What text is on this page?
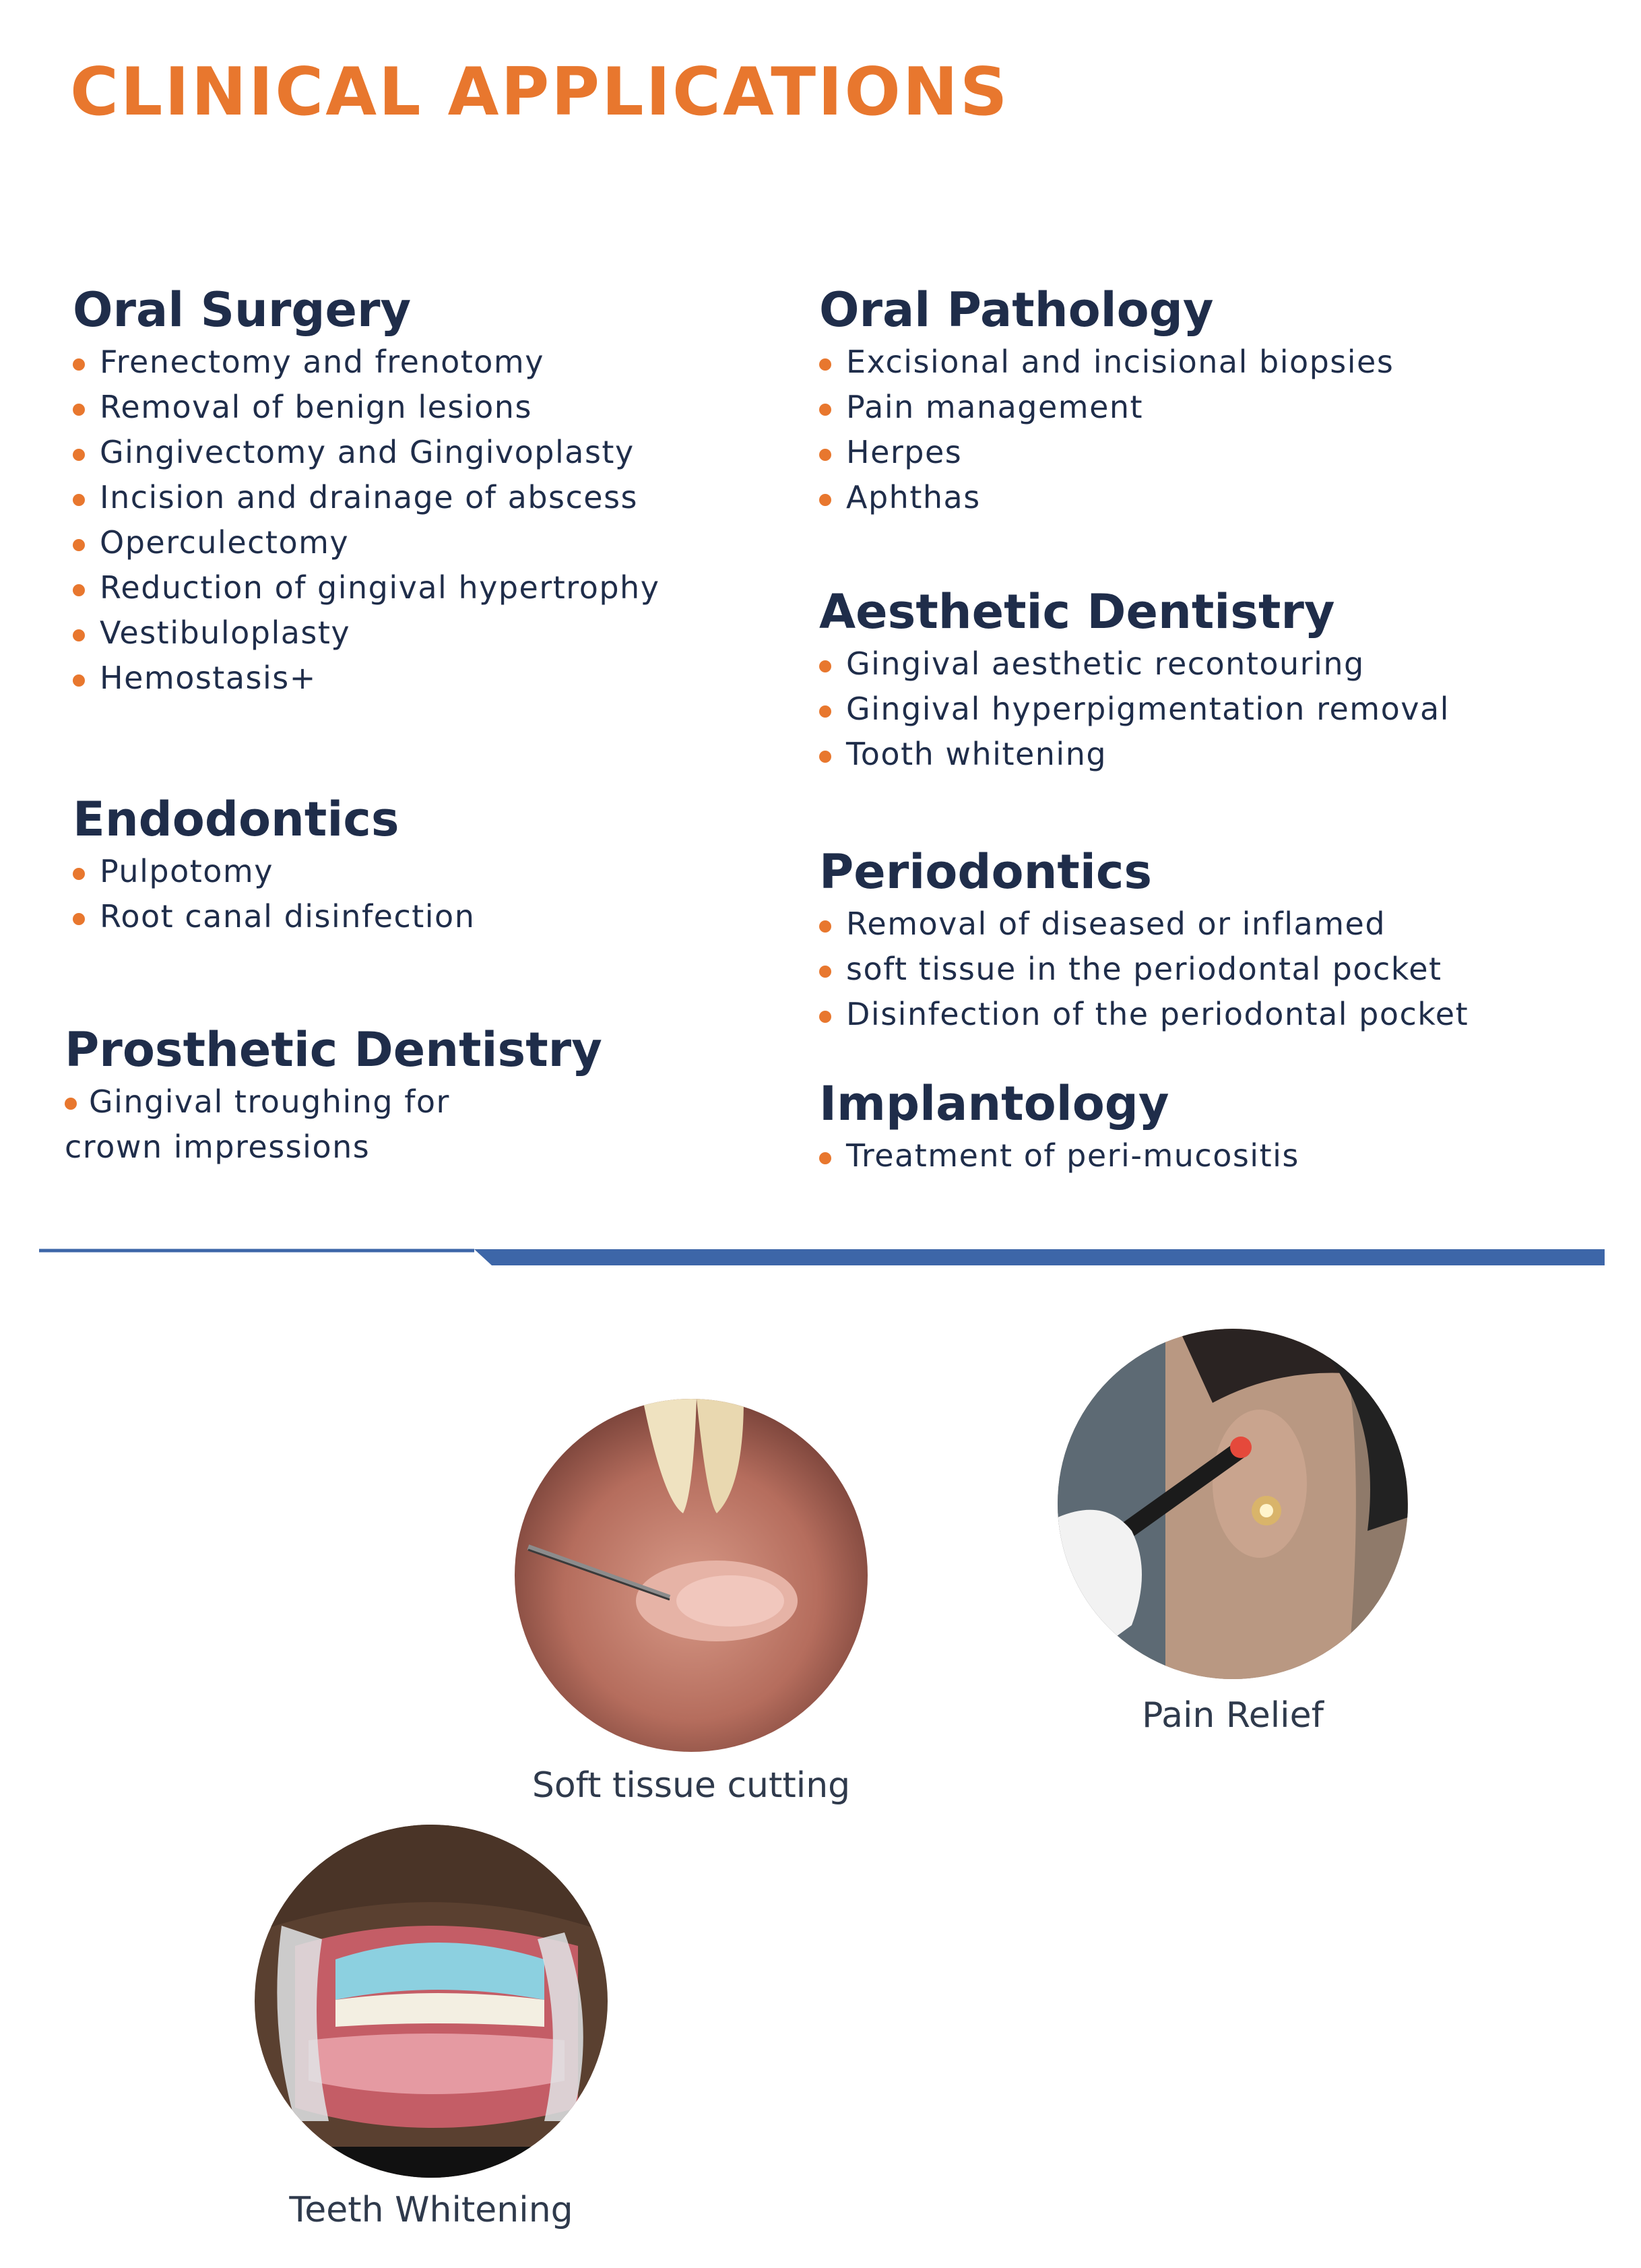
CLINICAL APPLICATIONS
Oral Surgery
Frenectomy and frenotomy
Removal of benign lesions
Gingivectomy and Gingivoplasty
Incision and drainage of abscess
Operculectomy
Reduction of gingival hypertrophy
Vestibuloplasty
Hemostasis+
Endodontics
Pulpotomy
Root canal disinfection
Prosthetic Dentistry
Gingival troughing for crown impressions
Oral Pathology
Excisional and incisional biopsies
Pain management
Herpes
Aphthas
Aesthetic Dentistry
Gingival aesthetic recontouring
Gingival hyperpigmentation removal
Tooth whitening
Periodontics
Removal of diseased or inflamed
soft tissue in the periodontal pocket
Disinfection of the periodontal pocket
Implantology
Treatment of peri-mucositis
Soft tissue cutting
Pain Relief
Teeth Whitening
